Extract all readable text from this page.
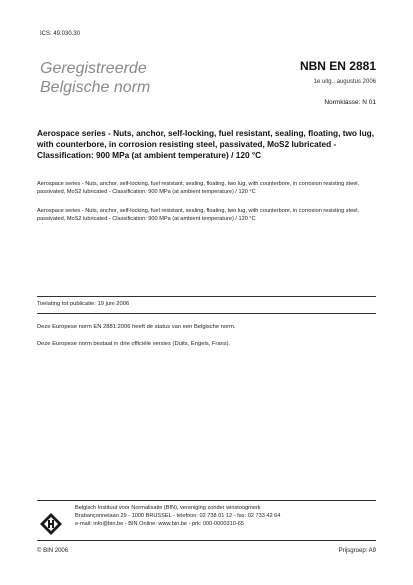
ICS: 49.030.30
Geregistreerde
Belgische norm
NBN EN 2881
1e uitg., augustus 2006
Normklasse: N 01
Aerospace series - Nuts, anchor, self-locking, fuel resistant, sealing, floating, two lug, with counterbore, in corrosion resisting steel, passivated, MoS2 lubricated - Classification: 900 MPa (at ambient temperature) / 120 °C
Aerospace series - Nuts, anchor, self-locking, fuel resistant, sealing, floating, two lug, with counterbore, in corrosion resisting steel, passivated, MoS2 lubricated - Classification: 900 MPa (at ambient temperature) / 120 °C
Aerospace series - Nuts, anchor, self-locking, fuel resistant, sealing, floating, two lug, with counterbore, in corrosion resisting steel, passivated, MoS2 lubricated - Classification: 900 MPa (at ambient temperature) / 120 °C
Toelating tot publicatie: 19 juni 2006
Deze Europese norm EN 2881:2006 heeft de status van een Belgische norm.
Deze Europese norm bestaat in drie officiële versies (Duits, Engels, Frans).
Belgisch Instituut voor Normalisatie (BIN), vereniging zonder winstoogmerk
Brabançonnelaan 29 - 1000 BRUSSEL - telefoon: 02 738 01 12 - fax: 02 733 42 64
e-mail: info@bin.be - BIN Online: www.bin.be - prk: 000-0000310-65
© BIN 2006	Prijsgroep: A9
